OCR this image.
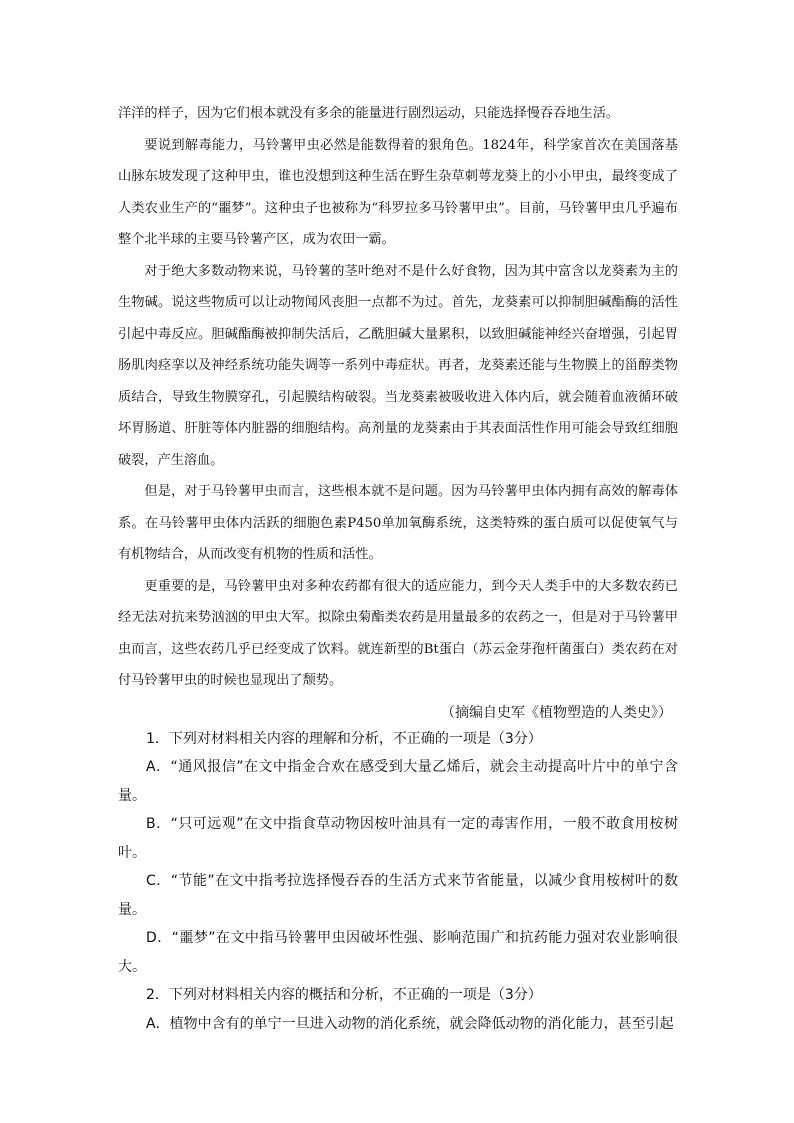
洋洋的样子，因为它们根本就没有多余的能量进行剧烈运动，只能选择慢吞吞地生活。

要说到解毒能力，马铃薯甲虫必然是能数得着的狠角色。1824年，科学家首次在美国落基山脉东坡发现了这种甲虫，谁也没想到这种生活在野生杂草刺萼龙葵上的小小甲虫，最终变成了人类农业生产的“噩梦”。这种虫子也被称为“科罗拉多马铃薯甲虫”。目前，马铃薯甲虫几乎遍布整个北半球的主要马铃薯产区，成为农田一霸。

对于绝大多数动物来说，马铃薯的茎叶绝对不是什么好食物，因为其中富含以龙葵素为主的生物碱。说这些物质可以让动物闻风丧胆一点都不为过。首先，龙葵素可以抑制胆碱酯酶的活性引起中毒反应。胆碱酯酶被抑制失活后，乙酰胆碱大量累积，以致胆碱能神经兴奋增强，引起胃肠肌肉痉挛以及神经系统功能失调等一系列中毒症状。再者，龙葵素还能与生物膜上的甾醇类物质结合，导致生物膜穿孔，引起膜结构破裂。当龙葵素被吸收进入体内后，就会随着血液循环破坏胃肠道、肝脏等体内脏器的细胞结构。高剂量的龙葵素由于其表面活性作用可能会导致红细胞破裂，产生溶血。

但是，对于马铃薯甲虫而言，这些根本就不是问题。因为马铃薯甲虫体内拥有高效的解毒体系。在马铃薯甲虫体内活跃的细胞色素P450单加氧酶系统，这类特殊的蛋白质可以促使氧气与有机物结合，从而改变有机物的性质和活性。

更重要的是，马铃薯甲虫对多种农药都有很大的适应能力，到今天人类手中的大多数农药已经无法对抗来势汹汹的甲虫大军。拟除虫菊酯类农药是用量最多的农药之一，但是对于马铃薯甲虫而言，这些农药几乎已经变成了饮料。就连新型的Bt蛋白（苏云金芽孢杆菌蛋白）类农药在对付马铃薯甲虫的时候也显现出了颓势。

（摘编自史军《植物塑造的人类史》）

1．下列对材料相关内容的理解和分析，不正确的一项是（3分）

A．“通风报信”在文中指金合欢在感受到大量乙烯后，就会主动提高叶片中的单宁含量。

B．“只可远观”在文中指食草动物因桉叶油具有一定的毒害作用，一般不敢食用桉树叶。

C．“节能”在文中指考拉选择慢吞吞的生活方式来节省能量，以减少食用桉树叶的数量。

D．“噩梦”在文中指马铃薯甲虫因破坏性强、影响范围广和抗药能力强对农业影响很大。

2．下列对材料相关内容的概括和分析，不正确的一项是（3分）

A．植物中含有的单宁一旦进入动物的消化系统，就会降低动物的消化能力，甚至引起
